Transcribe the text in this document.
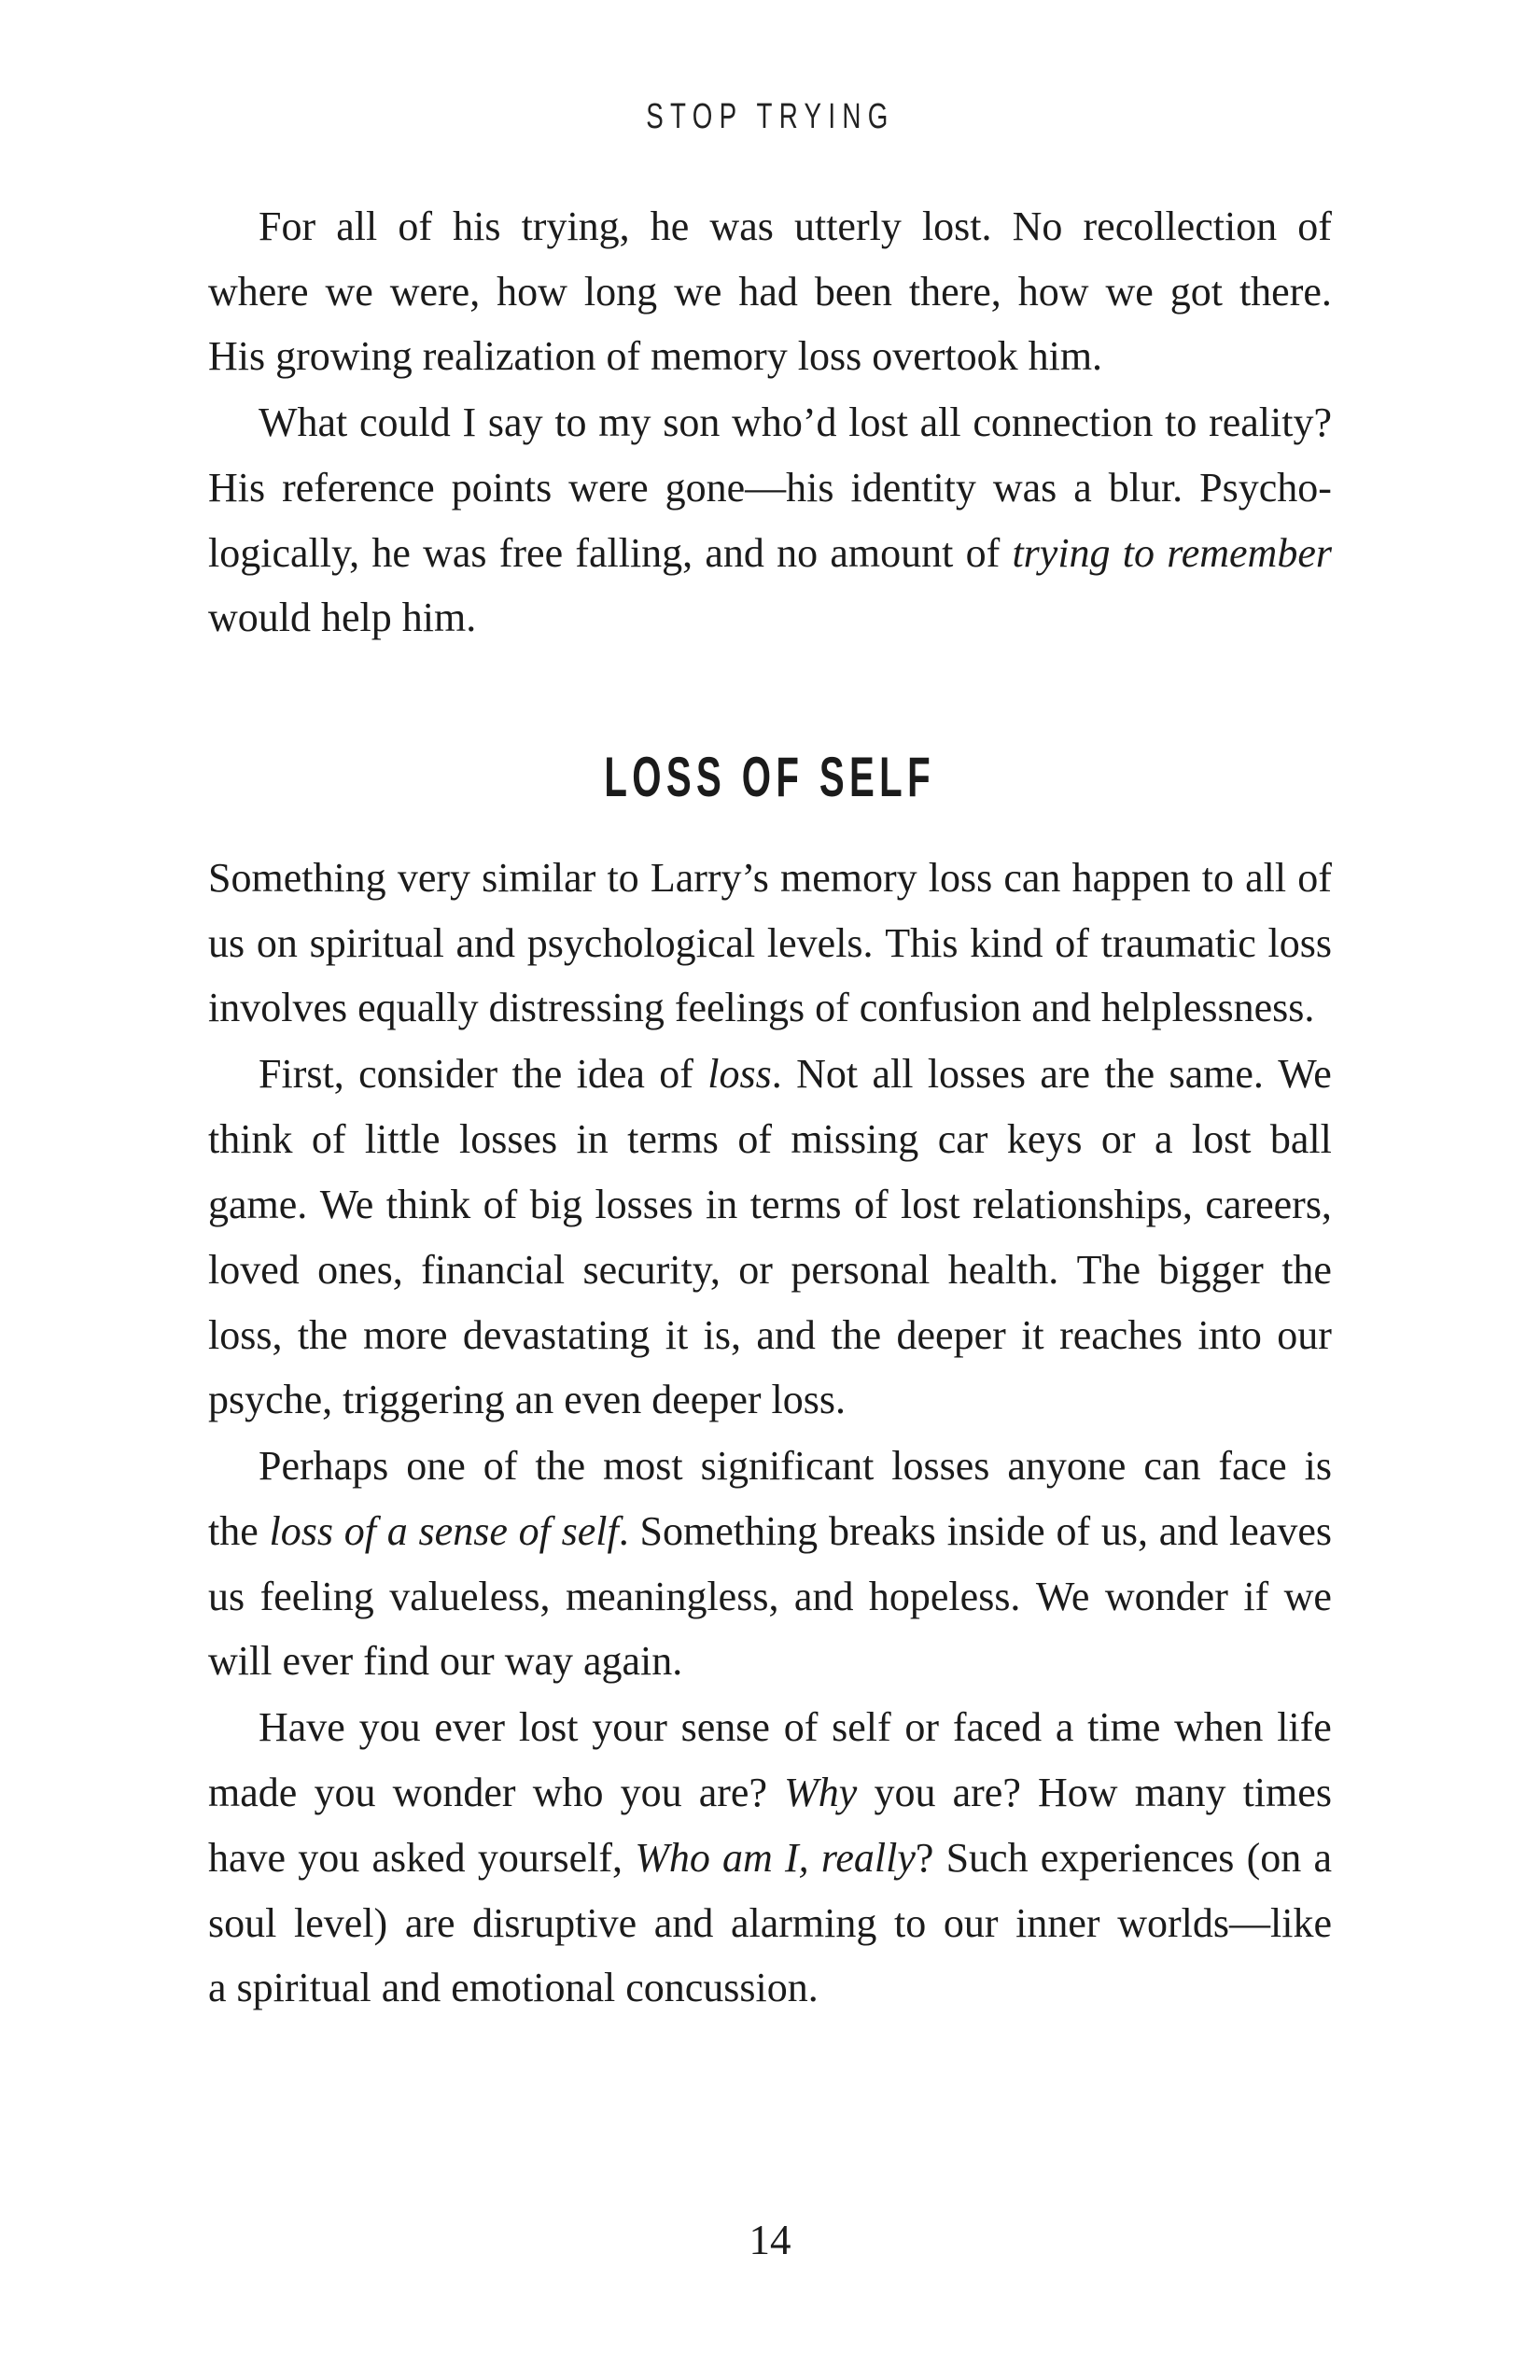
STOP TRYING
For all of his trying, he was utterly lost. No recollection of
where we were, how long we had been there, how we got there.
His growing realization of memory loss overtook him.
What could I say to my son who’d lost all connection to reality?
His reference points were gone—his identity was a blur. Psycho-
logically, he was free falling, and no amount of trying to remember
would help him.
LOSS OF SELF
Something very similar to Larry’s memory loss can happen to all of
us on spiritual and psychological levels. This kind of traumatic loss
involves equally distressing feelings of confusion and helplessness.
First, consider the idea of loss. Not all losses are the same. We
think of little losses in terms of missing car keys or a lost ball
game. We think of big losses in terms of lost relationships, careers,
loved ones, financial security, or personal health. The bigger the
loss, the more devastating it is, and the deeper it reaches into our
psyche, triggering an even deeper loss.
Perhaps one of the most significant losses anyone can face is
the loss of a sense of self. Something breaks inside of us, and leaves
us feeling valueless, meaningless, and hopeless. We wonder if we
will ever find our way again.
Have you ever lost your sense of self or faced a time when life
made you wonder who you are? Why you are? How many times
have you asked yourself, Who am I, really? Such experiences (on a
soul level) are disruptive and alarming to our inner worlds—like
a spiritual and emotional concussion.
14
